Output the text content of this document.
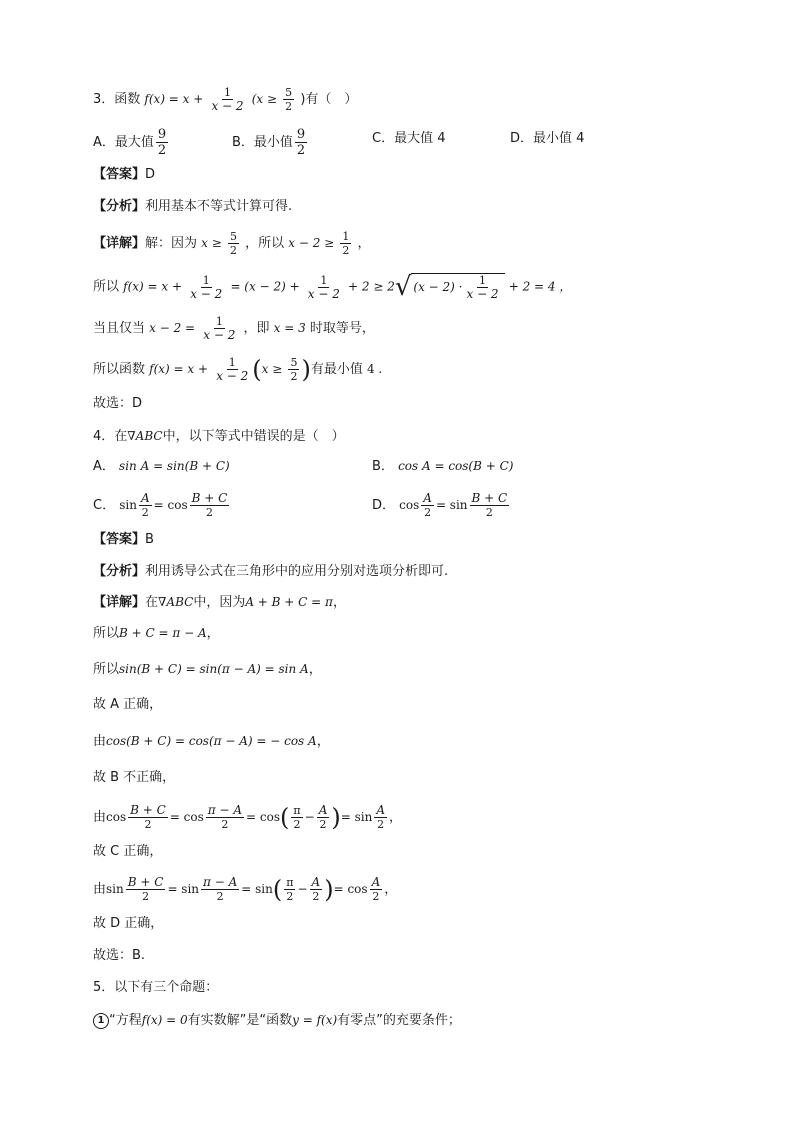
3．函数 $f(x) = x + \frac{1}{x - 2} (x \ge \frac{5}{2}$ )有（　）
A．最大值 $\frac{9}{2}$	B．最小值 $\frac{9}{2}$	C．最大值 4	D．最小值 4
【答案】D
【分析】利用基本不等式计算可得.
【详解】解：因为 $x \ge \frac{5}{2}$ ，所以 $x - 2 \ge \frac{1}{2}$ ，
所以 $f(x) = x + \frac{1}{x - 2} = (x - 2) + \frac{1}{x - 2} + 2 \ge 2√$ $(x - 2) \cdot \frac{1}{x - 2} + 2 = 4$ ，
当且仅当 $x - 2 = \frac{1}{x - 2}$ ，即 x = 3 时取等号，
所以函数 $f(x) = x + \frac{1}{x - 2} (x \ge \frac{5}{2}$ )有最小值 4 .
故选：D
4．在∇ABC中，以下等式中错误的是（　）
A． sin A = sin(B + C)	B． cos A = cos(B + C)
C． $\sin \frac{A}{2} = \cos \frac{B + C}{2}$	D． $\cos \frac{A}{2} = \sin \frac{B + C}{2}$
【答案】B
【分析】利用诱导公式在三角形中的应用分别对选项分析即可.
【详解】在∇ABC中，因为A + B + C = π，
所以B + C = π − A，
所以sin(B + C) = sin(π − A) = sin A，
故 A 正确，
由cos(B + C) = cos(π − A) = − cos A，
故 B 不正确，
由$\cos \frac{B + C}{2} = \cos \frac{\pi - A}{2} = \cos( \frac{\pi}{2} - \frac{A}{2}$ )= $\sin \frac{A}{2}$ ，
故 C 正确，
由$\sin \frac{B + C}{2} = \sin \frac{\pi - A}{2} = \sin( \frac{\pi}{2} - \frac{A}{2}$ )= $\cos \frac{A}{2}$ ，
故 D 正确，
故选：B.
5．以下有三个命题：
1 “方程f(x) = 0有实数解”是“函数y = f(x)有零点”的充要条件；
